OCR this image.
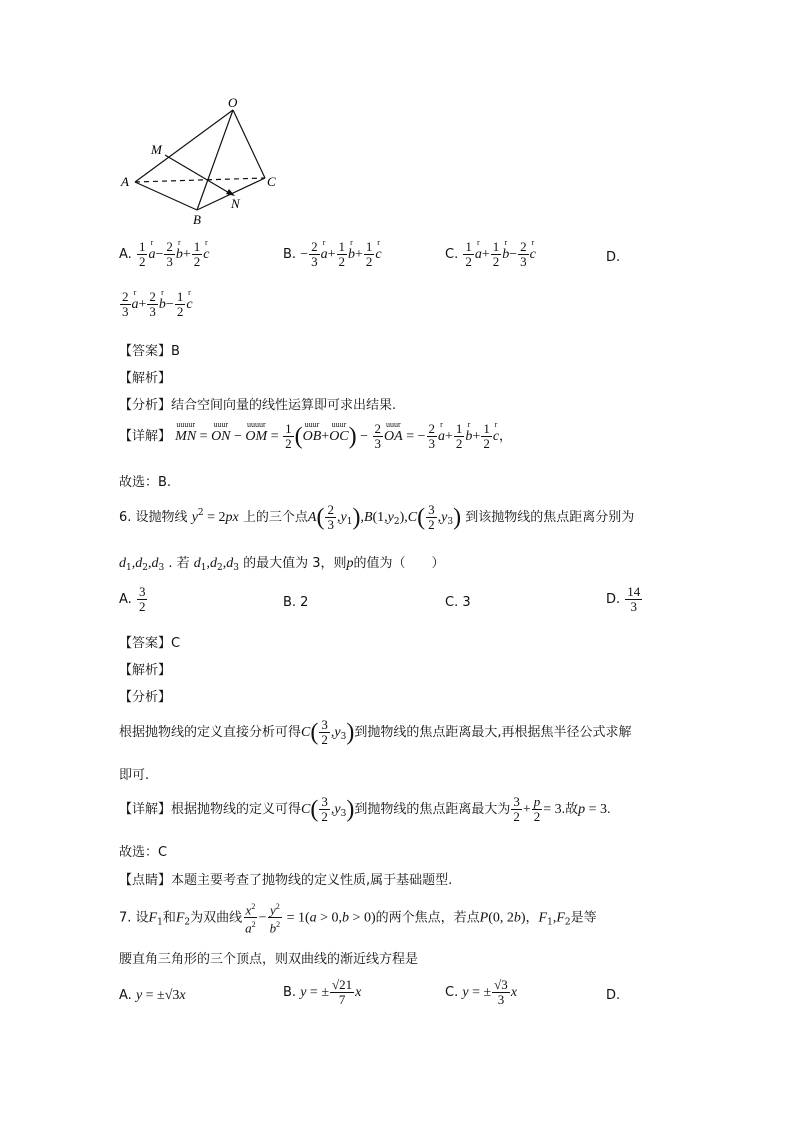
O
M
A	C
B
N
A. $\frac{1}{2}$ a
r
− $\frac{2}{3}$ b
r
+ $\frac{1}{2}$ c
r
B. − $\frac{2}{3}$ a
r
+ $\frac{1}{2}$ b
r
+ $\frac{1}{2}$ c
r
C. $\frac{1}{2}$ a
r
+ $\frac{1}{2}$ b
r
− $\frac{2}{3}$ c
r
D.
$\frac{2}{3}$ a
r
+ $\frac{2}{3}$ b
r
− $\frac{1}{2}$ c
r
【答案】B
【解析】
【分析】结合空间向量的线性运算即可求出结果.
【详解】 MN
uuuur
= ON
uuur
− OM
uuuur
= $\frac{1}{2} (OB$
uuur
+OC
uuur ) − $\frac{2}{3}$ OA
uuur
= − $\frac{2}{3}$ a
r
+ $\frac{1}{2}$ b
r
+ $\frac{1}{2}$ c
r
，
故选：B.
6. 设抛物线 $y^2 = 2px$ 上的三个点$A( \frac{2}{3} ,y_1),B(1,y_2),C( \frac{3}{2} ,y_3)$ 到该抛物线的焦点距离分别为
$d_1,d_2,d_3$ . 若 $d_1,d_2,d_3$ 的最大值为 3，则p的值为（　　）
A. $\frac{3}{2}$	B. 2	C. 3	D. $\frac{14}{3}$
【答案】C
【解析】
【分析】
根据抛物线的定义直接分析可得$C( \frac{3}{2} ,y_3)$到抛物线的焦点距离最大,再根据焦半径公式求解
即可.
【详解】根据抛物线的定义可得$C( \frac{3}{2} ,y_3)$到抛物线的焦点距离最大为 $\frac{3}{2} + \frac{p}{2} = 3$.故p = 3.
故选：C
【点睛】本题主要考查了抛物线的定义性质,属于基础题型.
7. 设$F_1$和$F_2$为双曲线 $\frac{x^2}{a^2} - \frac{y^2}{b^2} = 1(a > 0,b > 0)$的两个焦点，若点P(0, 2b)，$F_1,F_2$是等
腰直角三角形的三个顶点，则双曲线的渐近线方程是
A. y = ±√3x	B. y = ± $\frac{√21}{7}$ x	C. y = ± $\frac{√3}{3}$ x	D.
